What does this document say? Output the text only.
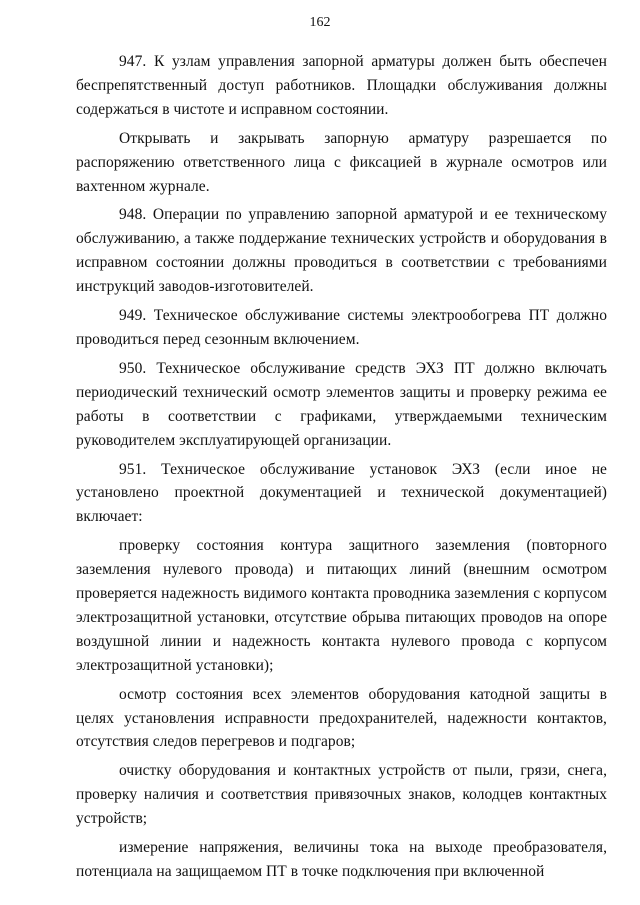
162

947. К узлам управления запорной арматуры должен быть обеспечен беспрепятственный доступ работников. Площадки обслуживания должны содержаться в чистоте и исправном состоянии.

Открывать и закрывать запорную арматуру разрешается по распоряжению ответственного лица с фиксацией в журнале осмотров или вахтенном журнале.

948. Операции по управлению запорной арматурой и ее техническому обслуживанию, а также поддержание технических устройств и оборудования в исправном состоянии должны проводиться в соответствии с требованиями инструкций заводов-изготовителей.

949. Техническое обслуживание системы электрообогрева ПТ должно проводиться перед сезонным включением.

950. Техническое обслуживание средств ЭХЗ ПТ должно включать периодический технический осмотр элементов защиты и проверку режима ее работы в соответствии с графиками, утверждаемыми техническим руководителем эксплуатирующей организации.

951. Техническое обслуживание установок ЭХЗ (если иное не установлено проектной документацией и технической документацией) включает:

проверку состояния контура защитного заземления (повторного заземления нулевого провода) и питающих линий (внешним осмотром проверяется надежность видимого контакта проводника заземления с корпусом электрозащитной установки, отсутствие обрыва питающих проводов на опоре воздушной линии и надежность контакта нулевого провода с корпусом электрозащитной установки);

осмотр состояния всех элементов оборудования катодной защиты в целях установления исправности предохранителей, надежности контактов, отсутствия следов перегревов и подгаров;

очистку оборудования и контактных устройств от пыли, грязи, снега, проверку наличия и соответствия привязочных знаков, колодцев контактных устройств;

измерение напряжения, величины тока на выходе преобразователя, потенциала на защищаемом ПТ в точке подключения при включенной
